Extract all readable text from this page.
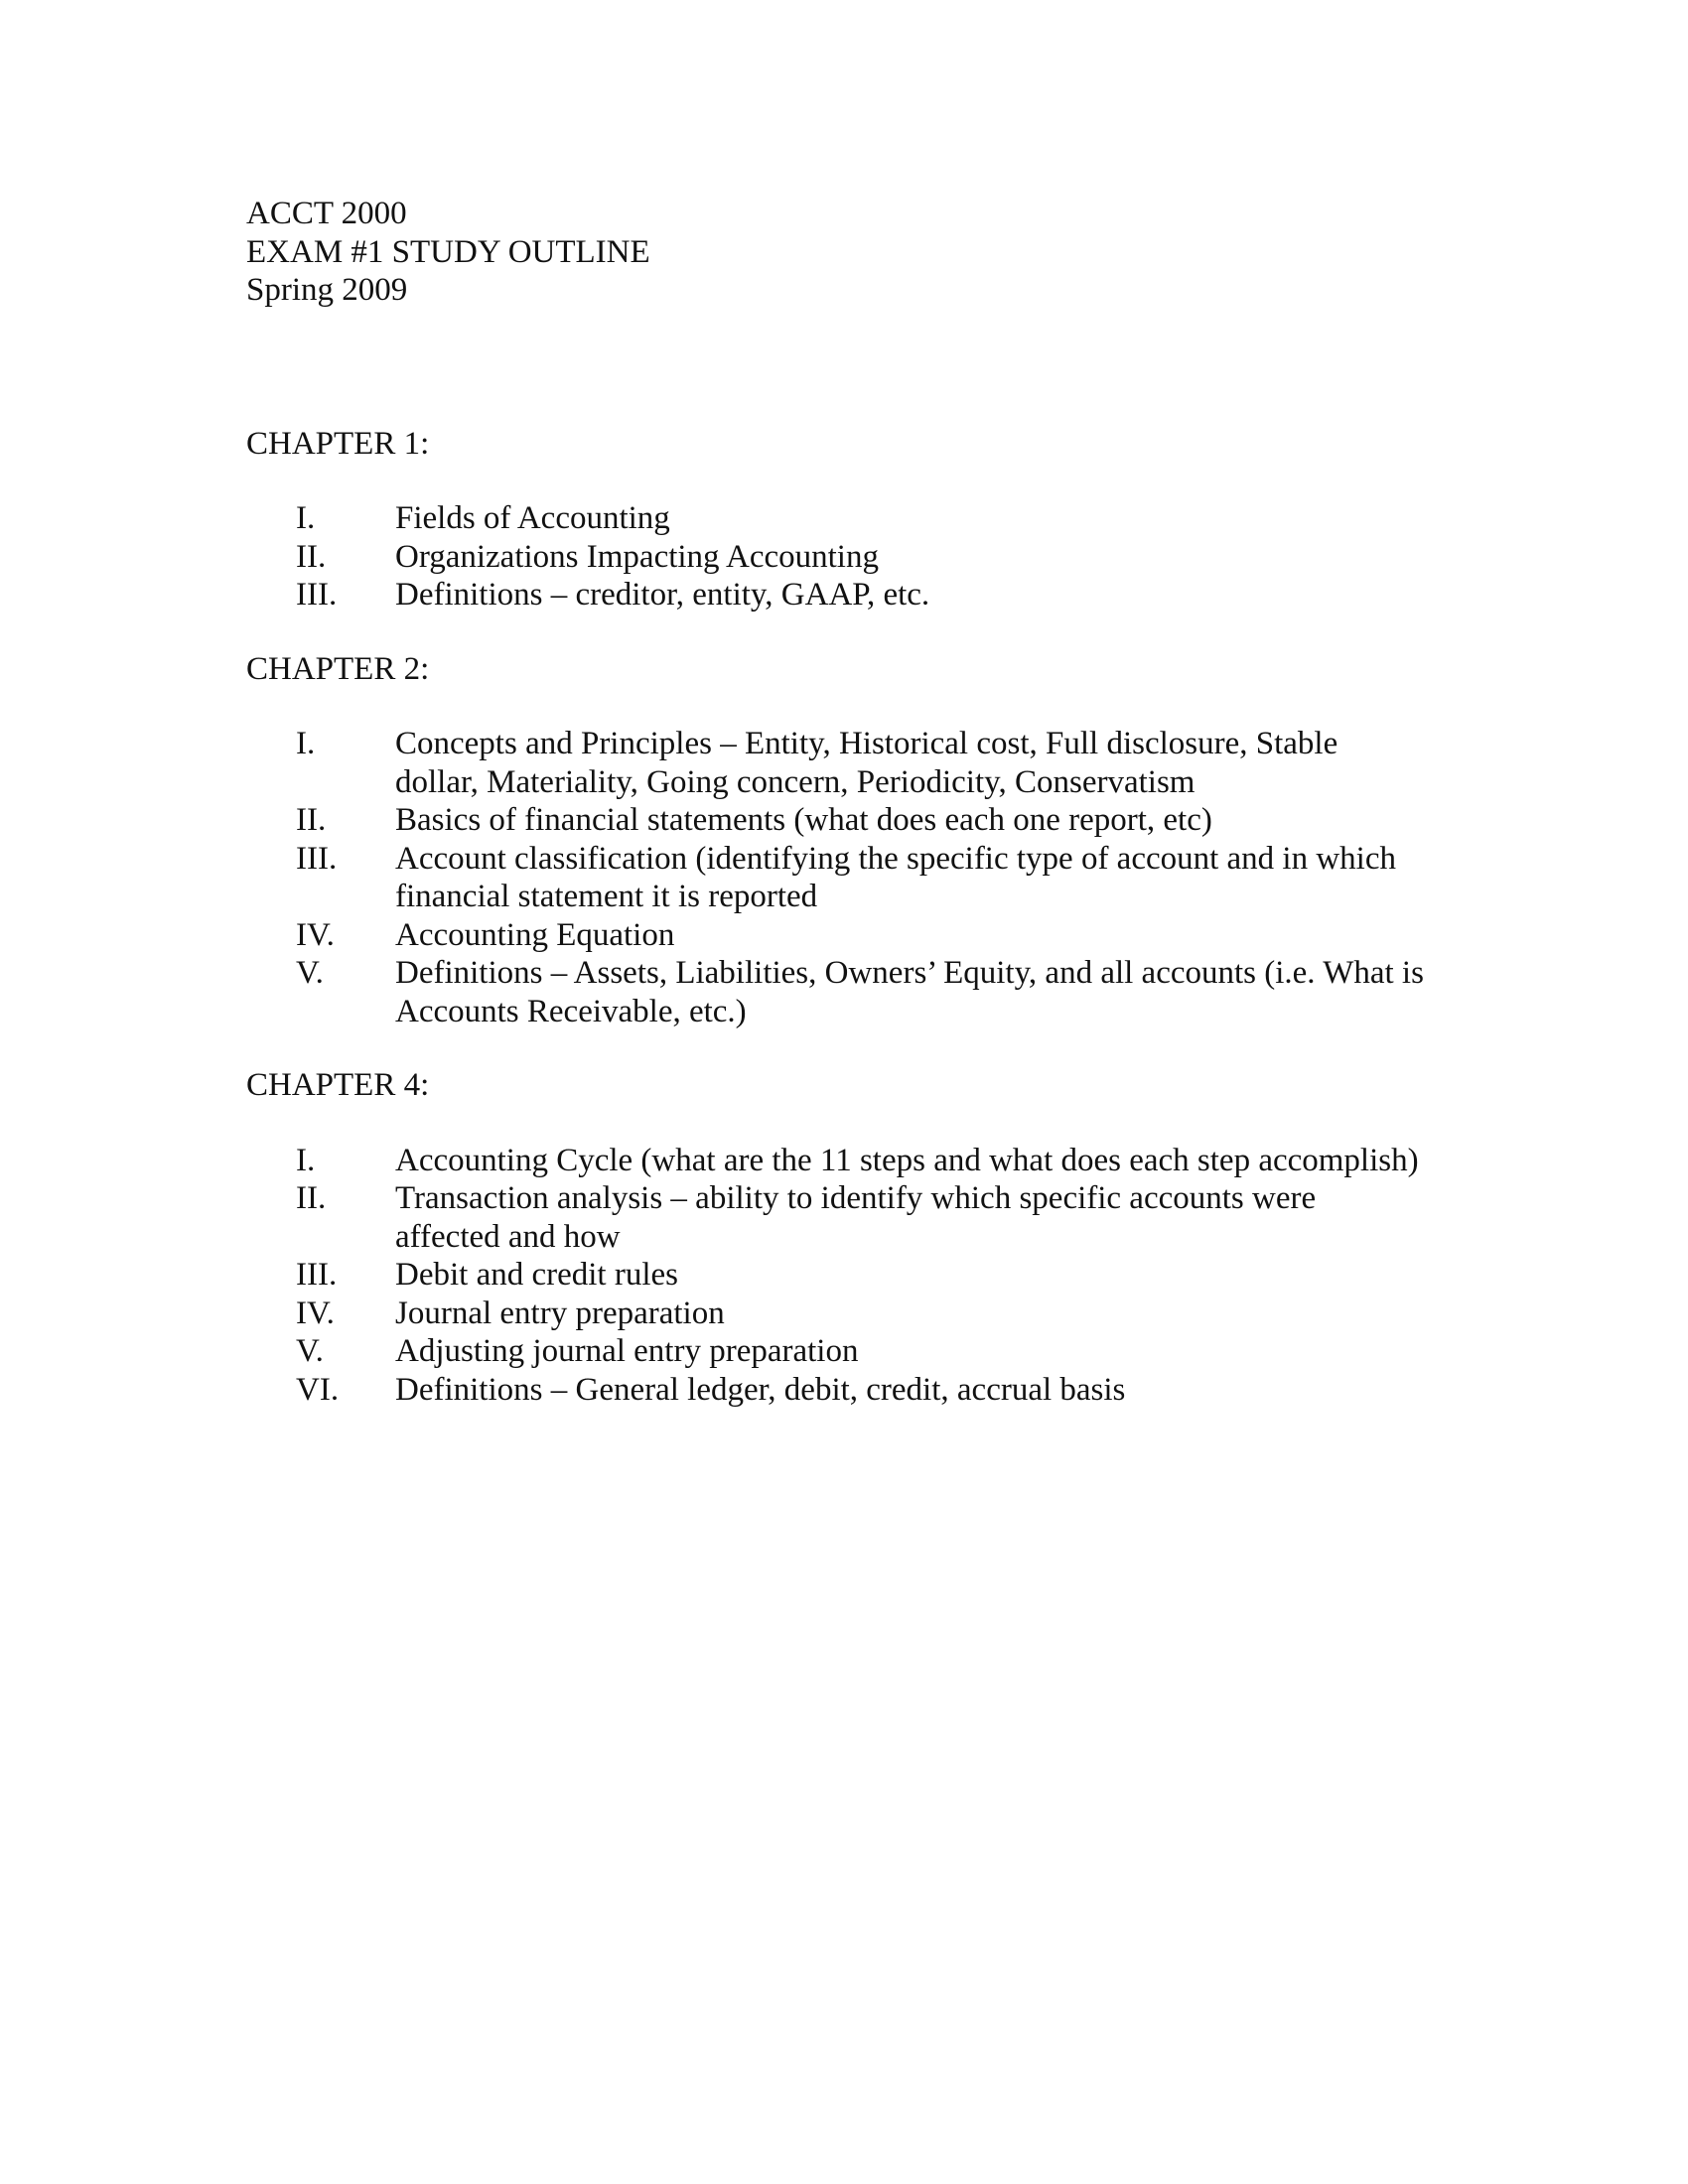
ACCT 2000
EXAM #1 STUDY OUTLINE
Spring 2009
CHAPTER 1:
I.	Fields of Accounting
II.	Organizations Impacting Accounting
III.	Definitions – creditor, entity, GAAP, etc.
CHAPTER 2:
I.	Concepts and Principles – Entity, Historical cost, Full disclosure, Stable dollar, Materiality, Going concern, Periodicity, Conservatism
II.	Basics of financial statements (what does each one report, etc)
III.	Account classification (identifying the specific type of account and in which financial statement it is reported
IV.	Accounting Equation
V.	Definitions – Assets, Liabilities, Owners’ Equity, and all accounts (i.e. What is Accounts Receivable, etc.)
CHAPTER 4:
I.	Accounting Cycle (what are the 11 steps and what does each step accomplish)
II.	Transaction analysis – ability to identify which specific accounts were affected and how
III.	Debit and credit rules
IV.	Journal entry preparation
V.	Adjusting journal entry preparation
VI.	Definitions – General ledger, debit, credit, accrual basis
